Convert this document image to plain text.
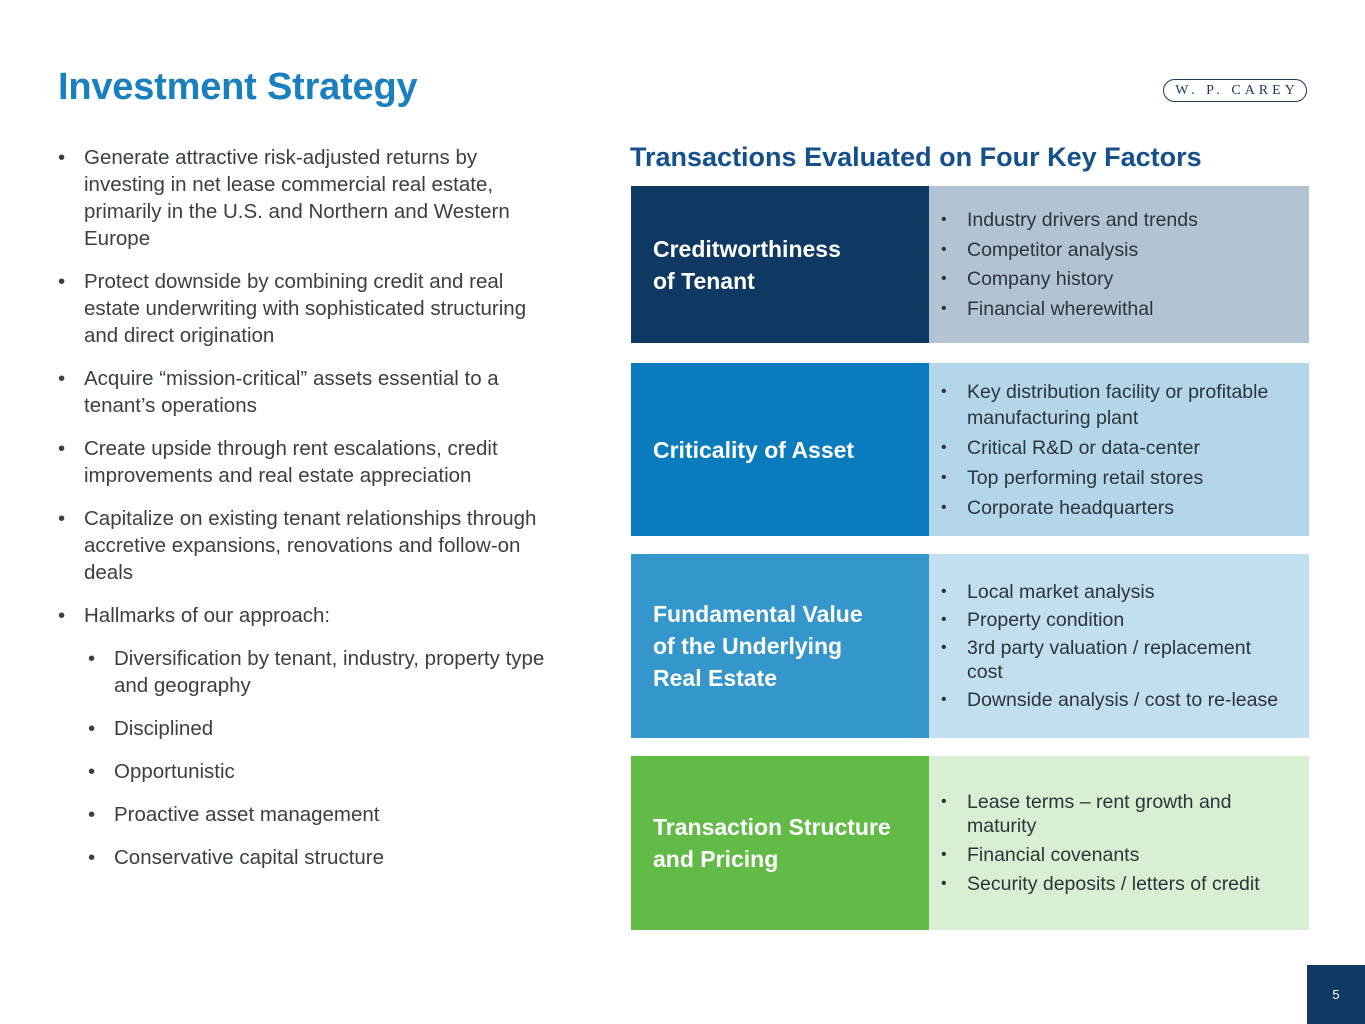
Investment Strategy	W. P. CAREY
• Generate attractive risk-adjusted returns by investing in net lease commercial real estate, primarily in the U.S. and Northern and Western Europe
• Protect downside by combining credit and real estate underwriting with sophisticated structuring and direct origination
• Acquire “mission-critical” assets essential to a tenant’s operations
• Create upside through rent escalations, credit improvements and real estate appreciation
• Capitalize on existing tenant relationships through accretive expansions, renovations and follow-on deals
• Hallmarks of our approach:
• Diversification by tenant, industry, property type and geography
• Disciplined
• Opportunistic
• Proactive asset management
• Conservative capital structure
Transactions Evaluated on Four Key Factors
Creditworthiness
of Tenant
• Industry drivers and trends
• Competitor analysis
• Company history
• Financial wherewithal
Criticality of Asset
• Key distribution facility or profitable manufacturing plant
• Critical R&D or data-center
• Top performing retail stores
• Corporate headquarters
Fundamental Value
of the Underlying
Real Estate
• Local market analysis
• Property condition
• 3rd party valuation / replacement cost
• Downside analysis / cost to re-lease
Transaction Structure
and Pricing
• Lease terms – rent growth and maturity
• Financial covenants
• Security deposits / letters of credit
5
